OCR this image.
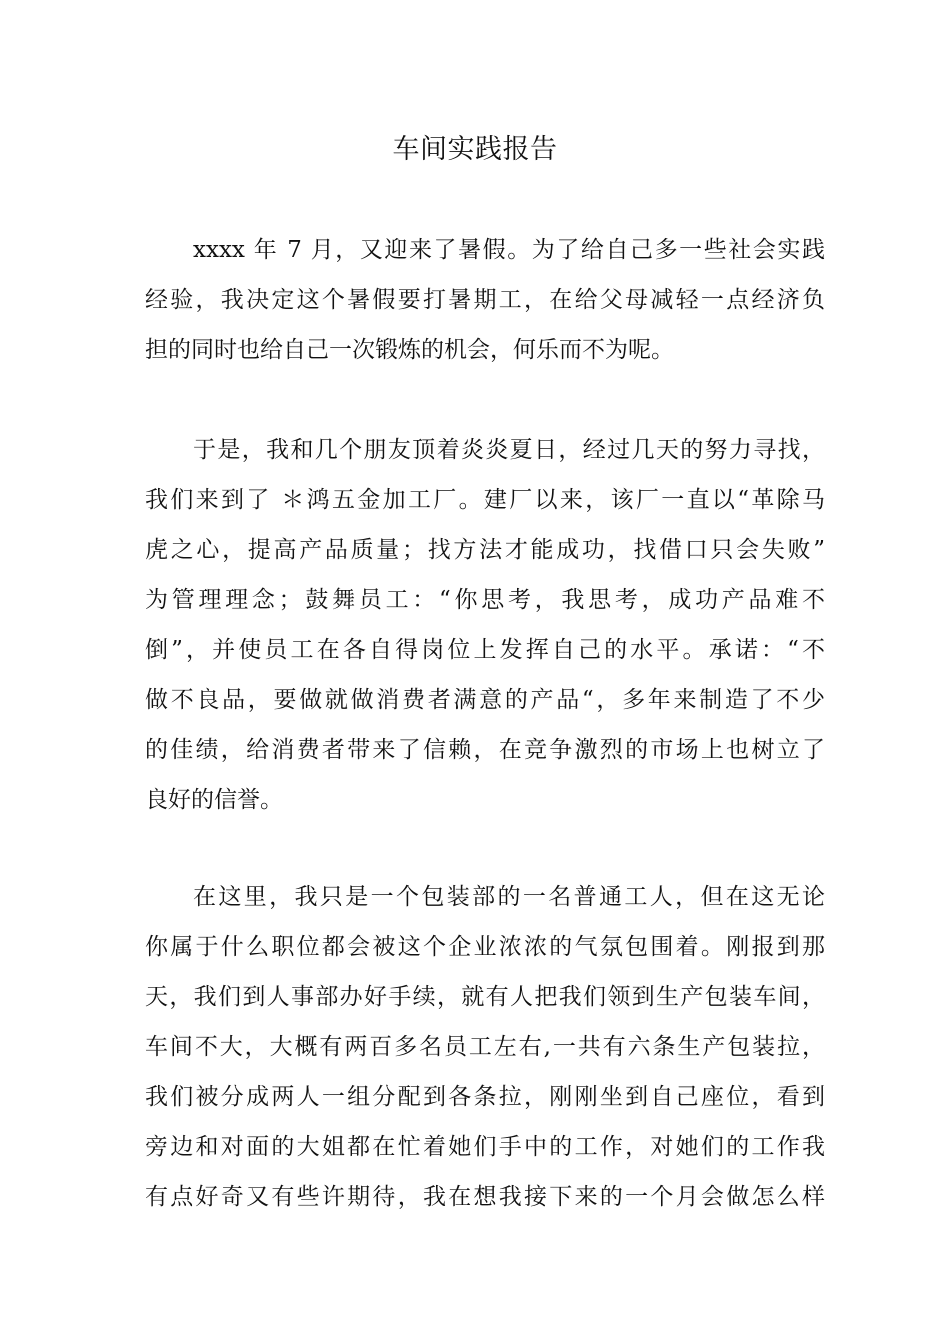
车间实践报告
xxxx 年 7 月，又迎来了暑假。为了给自己多一些社会实践
经验，我决定这个暑假要打暑期工，在给父母减轻一点经济负
担的同时也给自己一次锻炼的机会，何乐而不为呢。
于是，我和几个朋友顶着炎炎夏日，经过几天的努力寻找，
我们来到了 ＊鸿五金加工厂。建厂以来，该厂一直以“革除马
虎之心，提高产品质量；找方法才能成功，找借口只会失败”
为管理理念；鼓舞员工：“你思考，我思考，成功产品难不
倒”，并使员工在各自得岗位上发挥自己的水平。承诺：“不
做不良品，要做就做消费者满意的产品“，多年来制造了不少
的佳绩，给消费者带来了信赖，在竞争激烈的市场上也树立了
良好的信誉。
在这里，我只是一个包装部的一名普通工人，但在这无论
你属于什么职位都会被这个企业浓浓的气氛包围着。刚报到那
天，我们到人事部办好手续，就有人把我们领到生产包装车间，
车间不大，大概有两百多名员工左右,一共有六条生产包装拉，
我们被分成两人一组分配到各条拉，刚刚坐到自己座位，看到
旁边和对面的大姐都在忙着她们手中的工作，对她们的工作我
有点好奇又有些许期待，我在想我接下来的一个月会做怎么样
